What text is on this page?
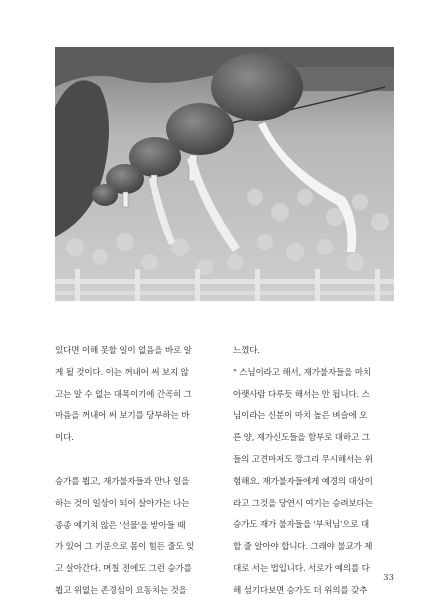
있다면 이해 못할 일이 없음을 바로 알

게 될 것이다. 이는 꺼내어 써 보지 않

고는 알 수 없는 대목이기에 간곡히 그

마음을 꺼내어 써 보기를 당부하는 바

이다.

승가를 뵙고, 재가불자들과 만나 일을

하는 것이 일상이 되어 살아가는 나는

종종 예기치 않은 '선물'을 받아들 때

가 있어 그 기운으로 몸이 힘든 줄도 잊

고 살아간다. 며칠 전에도 그런 승가를

뵙고 위없는 존경심이 요동치는 것을

느꼈다.

" 스님이라고 해서, 재가불자들을 마치

아랫사람 다루듯 해서는 안 됩니다. 스

님이라는 신분이 마치 높은 벼슬에 오

른 양, 재가신도들을 함부로 대하고 그

들의 고견마저도 깡그리 무시해서는 위

험해요. 재가불자들에게 예경의 대상이

라고 그것을 당연시 여기는 승려보다는

승가도 재가 불자들을 '부처님'으로 대

할 줄 알아야 합니다. 그래야 불교가 제

대로 서는 법입니다. 서로가 예의를 다

해 섬기다보면 승가도 더 위의를 갖추

33
